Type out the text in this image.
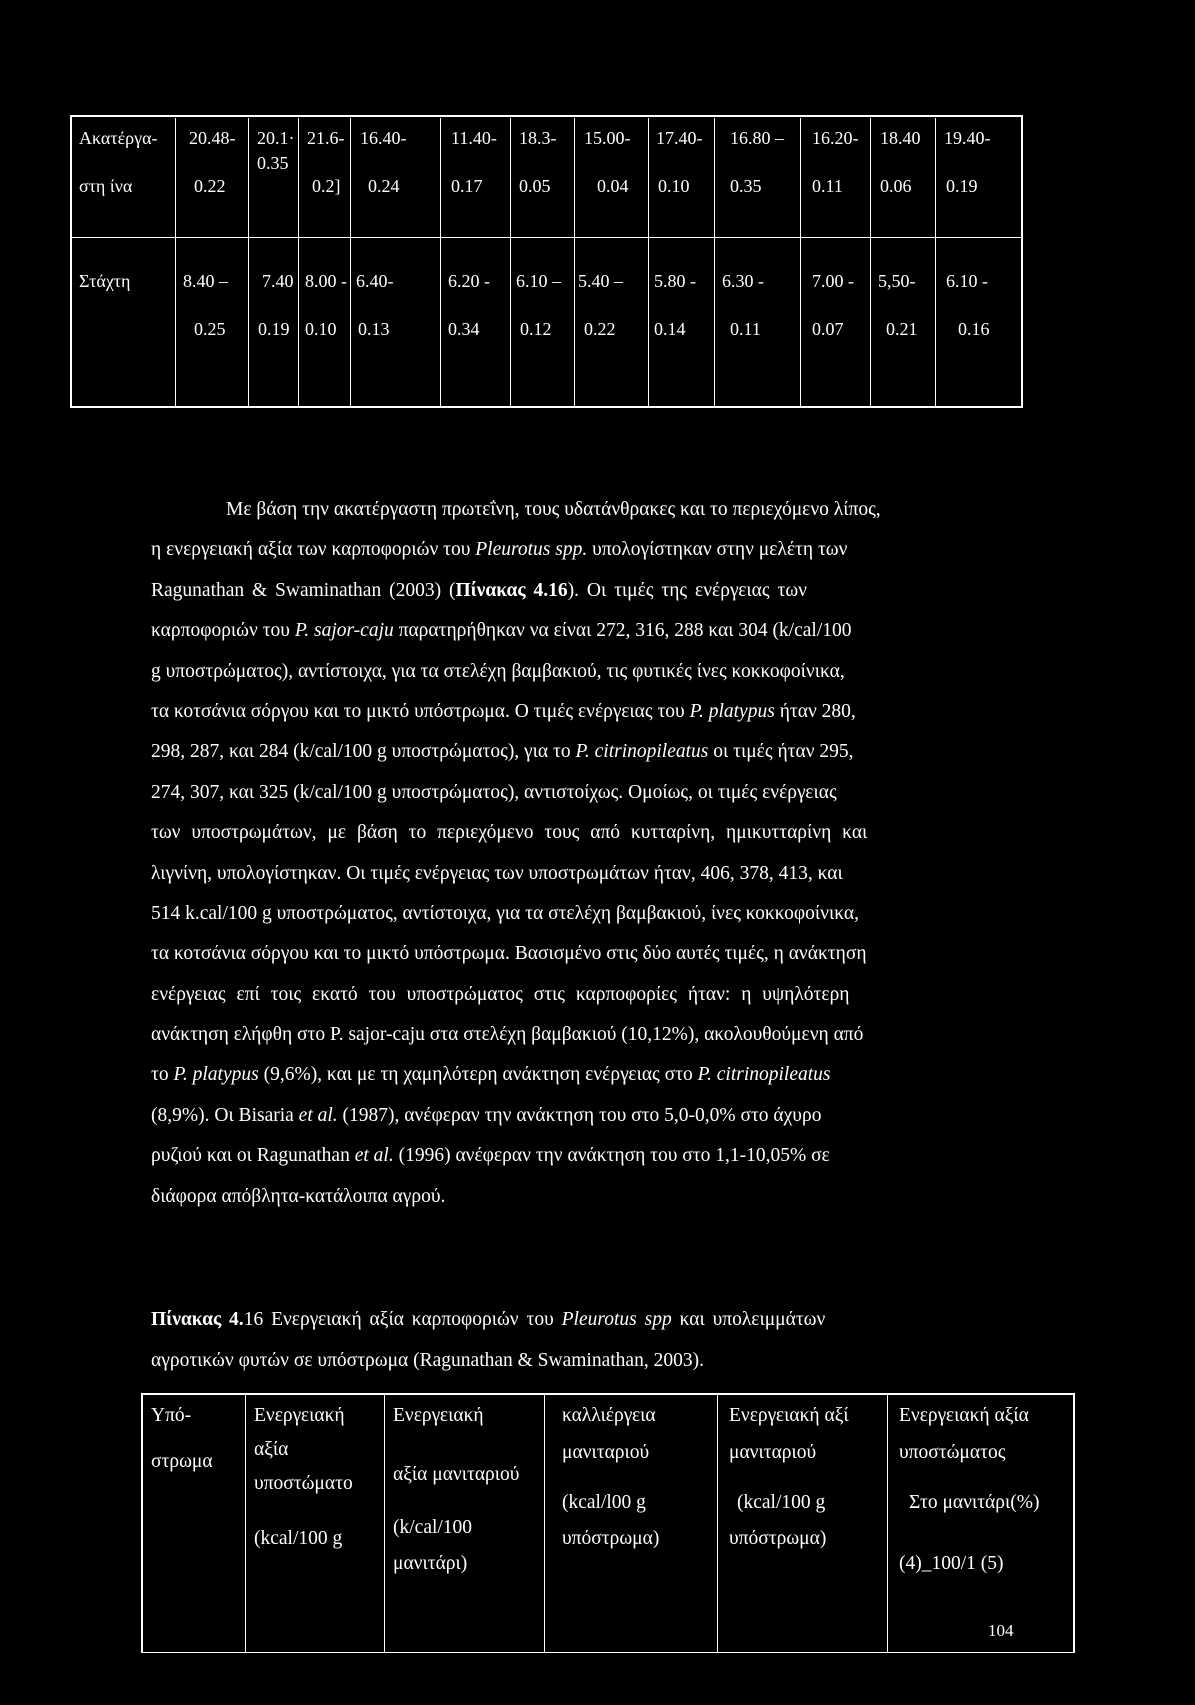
Ακατέργα-
στη ίνα
20.48-
0.22
20.1·
0.35
21.6-
0.2]
16.40-
0.24
11.40-
0.17
18.3-
0.05
15.00-
0.04
17.40-
0.10
16.80 –
0.35
16.20-
0.11
18.40
0.06
19.40-
0.19
Στάχτη	8.40 –
0.25
7.40
0.19
8.00 -
0.10
6.40-
0.13
6.20 -
0.34
6.10 –
0.12
5.40 –
0.22
5.80 -
0.14
6.30 -
0.11
7.00 -
0.07
5,50-
0.21
6.10 -
0.16
Με βάση την ακατέργαστη πρωτεΐνη, τους υδατάνθρακες και το περιεχόμενο λίπος,
η ενεργειακή αξία των καρποφοριών του Pleurotus spp. υπολογίστηκαν στην μελέτη των
Ragunathan & Swaminathan (2003) (Πίνακας 4.16). Οι τιμές της ενέργειας των
καρποφοριών του P. sajor-caju παρατηρήθηκαν να είναι 272, 316, 288 και 304 (k/cal/100
g υποστρώματος), αντίστοιχα, για τα στελέχη βαμβακιού, τις φυτικές ίνες κοκκοφοίνικα,
τα κοτσάνια σόργου και το μικτό υπόστρωμα. Ο τιμές ενέργειας του P. platypus ήταν 280,
298, 287, και 284 (k/cal/100 g υποστρώματος), για το P. citrinopileatus οι τιμές ήταν 295,
274, 307, και 325 (k/cal/100 g υποστρώματος), αντιστοίχως. Ομοίως, οι τιμές ενέργειας
των υποστρωμάτων, με βάση το περιεχόμενο τους από κυτταρίνη, ημικυτταρίνη και
λιγνίνη, υπολογίστηκαν. Οι τιμές ενέργειας των υποστρωμάτων ήταν, 406, 378, 413, και
514 k.cal/100 g υποστρώματος, αντίστοιχα, για τα στελέχη βαμβακιού, ίνες κοκκοφοίνικα,
τα κοτσάνια σόργου και το μικτό υπόστρωμα. Βασισμένο στις δύο αυτές τιμές, η ανάκτηση
ενέργειας επί τοις εκατό του υποστρώματος στις καρποφορίες ήταν: η υψηλότερη
ανάκτηση ελήφθη στο P. sajor-caju στα στελέχη βαμβακιού (10,12%), ακολουθούμενη από
το P. platypus (9,6%), και με τη χαμηλότερη ανάκτηση ενέργειας στο P. citrinopileatus
(8,9%). Οι Bisaria et al. (1987), ανέφεραν την ανάκτηση του στο 5,0-0,0% στο άχυρο
ρυζιού και οι Ragunathan et al. (1996) ανέφεραν την ανάκτηση του στο 1,1-10,05% σε
διάφορα απόβλητα-κατάλοιπα αγρού.
Πίνακας 4.16 Ενεργειακή αξία καρποφοριών του Pleurotus spp και υπολειμμάτων
αγροτικών φυτών σε υπόστρωμα (Ragunathan & Swaminathan, 2003).
Υπό-
στρωμα
Ενεργειακή
αξία
υποστώματο
(kcal/100 g
Ενεργειακή
αξία μανιταριού
(k/cal/100
μανιτάρι)
καλλιέργεια
μανιταριού
(kcal/l00 g
υπόστρωμα)
Ενεργειακή αξί
μανιταριού
(kcal/100 g
υπόστρωμα)
Ενεργειακή αξία
υποστώματος
Στο μανιτάρι(%)
(4)_100/1 (5)
104
